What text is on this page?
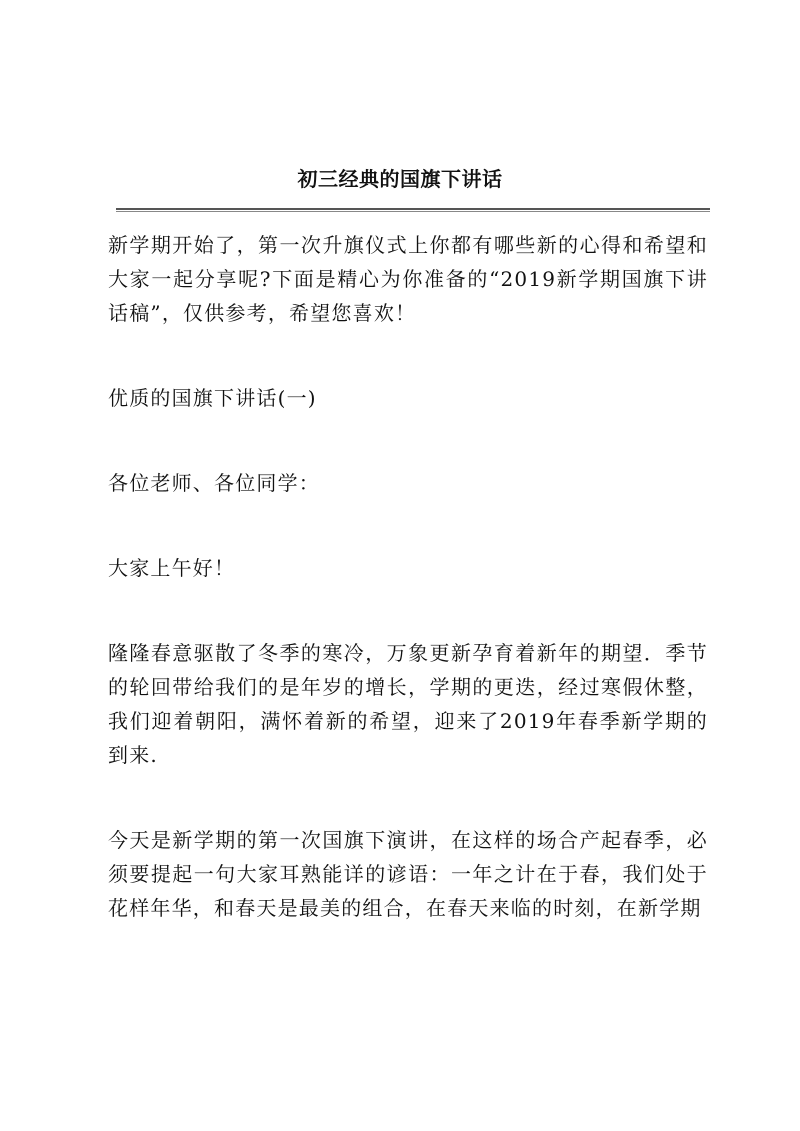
初三经典的国旗下讲话

新学期开始了，第一次升旗仪式上你都有哪些新的心得和希望和大家一起分享呢?下面是精心为你准备的“2019新学期国旗下讲话稿”，仅供参考，希望您喜欢！

优质的国旗下讲话(一)

各位老师、各位同学：

大家上午好！

隆隆春意驱散了冬季的寒冷，万象更新孕育着新年的期望．季节的轮回带给我们的是年岁的增长，学期的更迭，经过寒假休整，我们迎着朝阳，满怀着新的希望，迎来了2019年春季新学期的到来.

今天是新学期的第一次国旗下演讲，在这样的场合产起春季，必须要提起一句大家耳熟能详的谚语：一年之计在于春，我们处于花样年华，和春天是最美的组合，在春天来临的时刻，在新学期
